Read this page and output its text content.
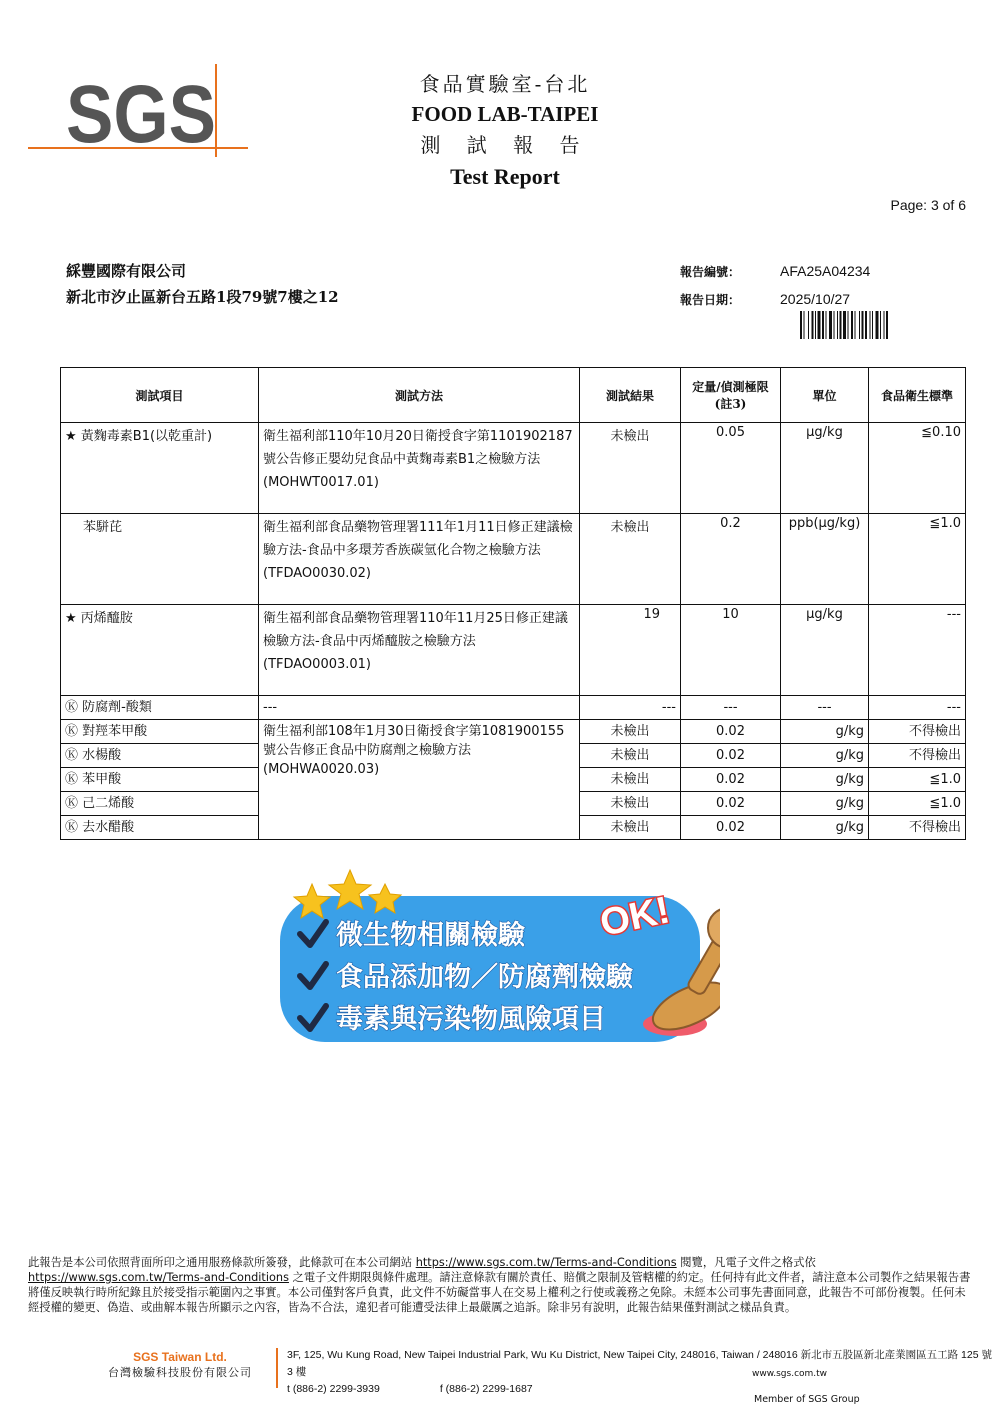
SGS	食品實驗室-台北
FOOD LAB-TAIPEI
測 試 報 告
Test Report
Page: 3 of 6
綵豐國際有限公司
新北市汐止區新台五路1段79號7樓之12
報告編號：	AFA25A04234
報告日期：	2025/10/27
測試項目	測試方法	測試結果	定量/偵測極限(註3)	單位	食品衛生標準
★ 黃麴毒素B1(以乾重計)	衛生福利部110年10月20日衛授食字第1101902187 號公告修正嬰幼兒食品中黃麴毒素B1之檢驗方法(MOHWT0017.01)	未檢出	0.05	μg/kg	≦0.10
苯駢芘	衛生福利部食品藥物管理署111年1月11日修正建議檢驗方法-食品中多環芳香族碳氫化合物之檢驗方法(TFDAO0030.02)	未檢出	0.2	ppb(μg/kg)	≦1.0
★ 丙烯醯胺	衛生福利部食品藥物管理署110年11月25日修正建議檢驗方法-食品中丙烯醯胺之檢驗方法(TFDAO0003.01)	19	10	μg/kg	---
Ⓚ 防腐劑-酸類	---	---	---	---	---
Ⓚ 對羥苯甲酸	衛生福利部108年1月30日衛授食字第1081900155號公告修正食品中防腐劑之檢驗方法(MOHWA0020.03)	未檢出	0.02	g/kg	不得檢出
Ⓚ 水楊酸		未檢出	0.02	g/kg	不得檢出
Ⓚ 苯甲酸		未檢出	0.02	g/kg	≦1.0
Ⓚ 己二烯酸		未檢出	0.02	g/kg	≦1.0
Ⓚ 去水醋酸		未檢出	0.02	g/kg	不得檢出
微生物相關檢驗
食品添加物／防腐劑檢驗
毒素與污染物風險項目
OK!
此報告是本公司依照背面所印之通用服務條款所簽發，此條款可在本公司網站 https://www.sgs.com.tw/Terms-and-Conditions 閱覽，凡電子文件之格式依https://www.sgs.com.tw/Terms-and-Conditions 之電子文件期限與條件處理。請注意條款有關於責任、賠償之限制及管轄權的約定。任何持有此文件者，請注意本公司製作之結果報告書將僅反映執行時所紀錄且於接受指示範圍內之事實。本公司僅對客戶負責，此文件不妨礙當事人在交易上權利之行使或義務之免除。未經本公司事先書面同意，此報告不可部份複製。任何未經授權的變更、偽造、或曲解本報告所顯示之內容，皆為不合法，違犯者可能遭受法律上最嚴厲之追訴。除非另有說明，此報告結果僅對測試之樣品負責。
SGS Taiwan Ltd.
台灣檢驗科技股份有限公司
3F, 125, Wu Kung Road, New Taipei Industrial Park, Wu Ku District, New Taipei City, 248016, Taiwan / 248016 新北市五股區新北產業園區五工路 125 號 3 樓
t (886-2) 2299-3939	f (886-2) 2299-1687
www.sgs.com.tw
Member of SGS Group
